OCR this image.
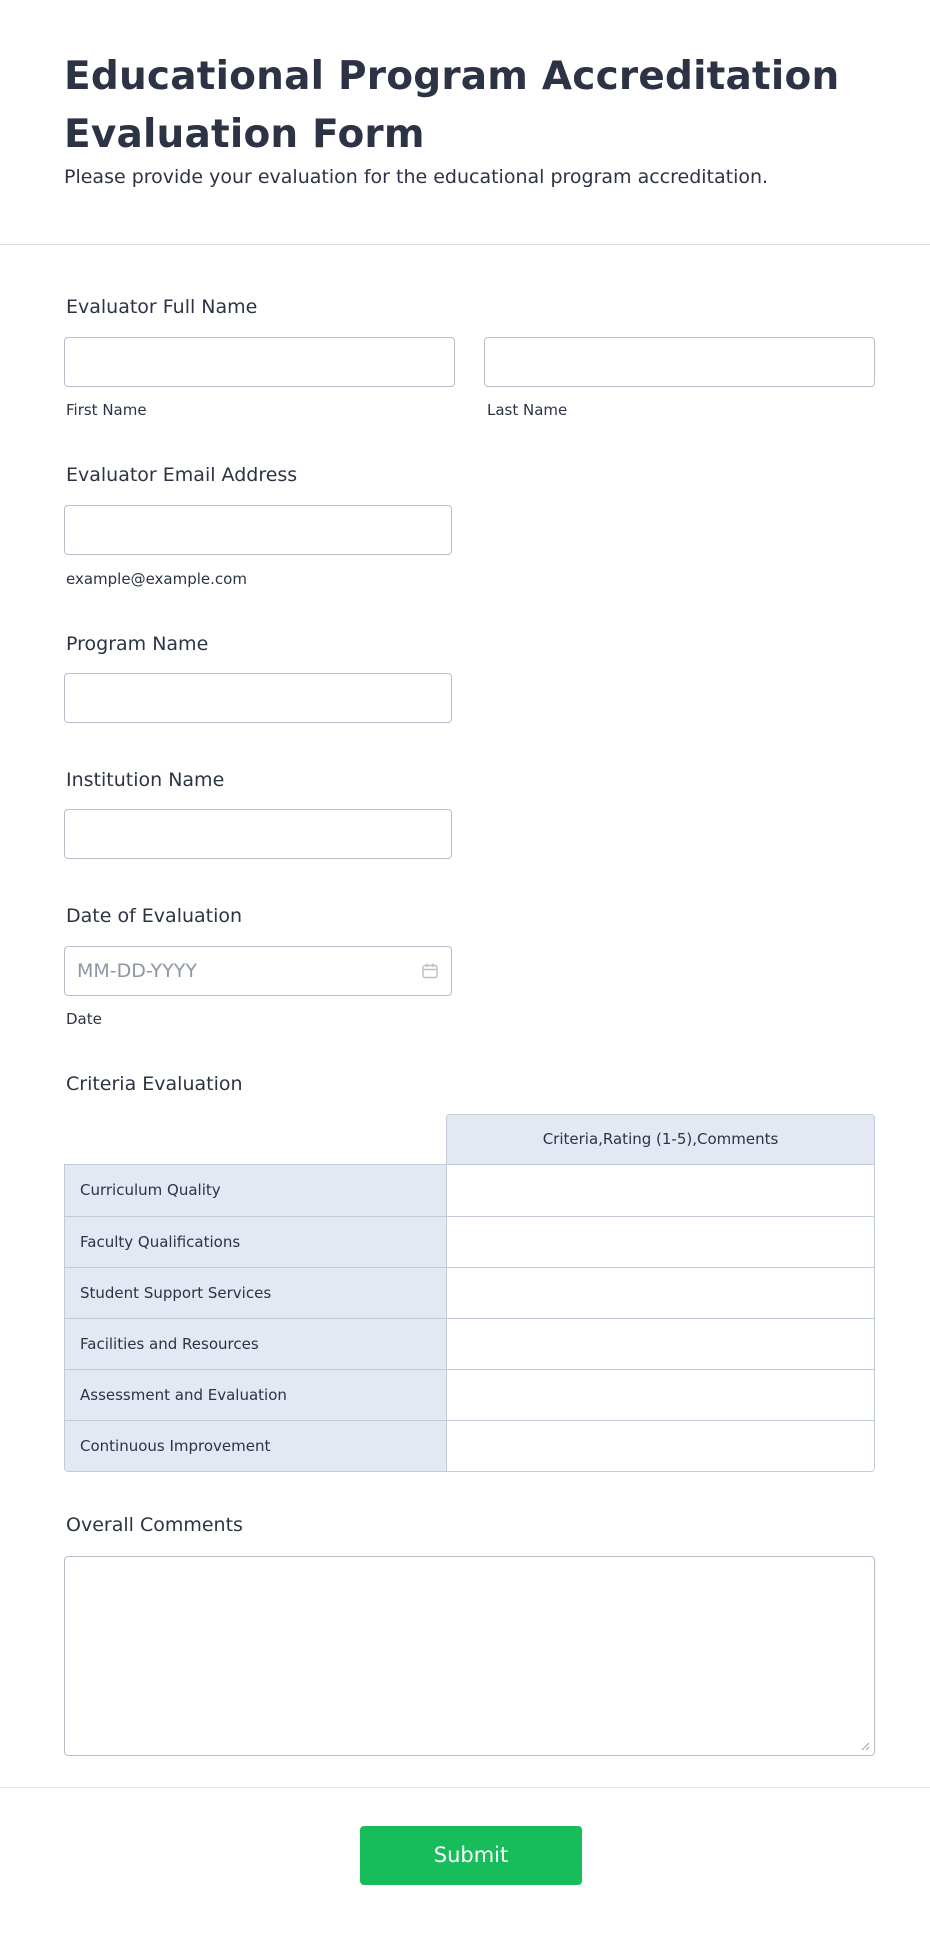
Educational Program Accreditation Evaluation Form
Please provide your evaluation for the educational program accreditation.
Evaluator Full Name
First Name	Last Name
Evaluator Email Address
example@example.com
Program Name
Institution Name
Date of Evaluation
MM-DD-YYYY
Date
Criteria Evaluation
Criteria,Rating (1-5),Comments
Curriculum Quality
Faculty Qualifications
Student Support Services
Facilities and Resources
Assessment and Evaluation
Continuous Improvement
Overall Comments
Submit
